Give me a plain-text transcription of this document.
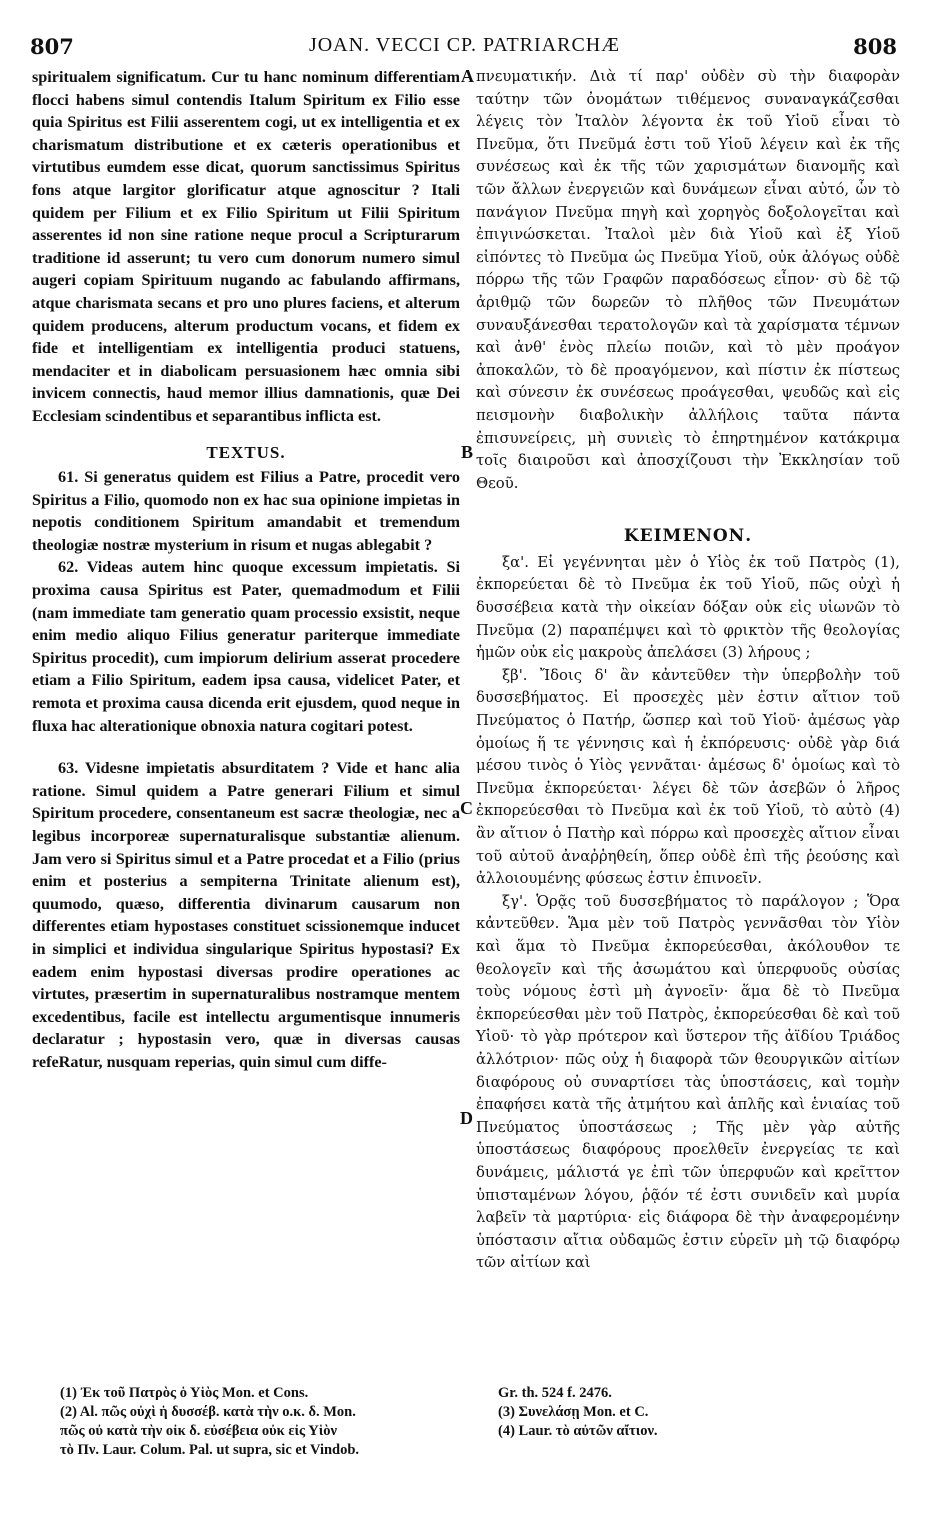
807	JOAN. VECCI CP. PATRIARCHÆ	808

spiritualem significatum. Cur tu hanc nominum differentiam flocci habens simul contendis Italum Spiritum ex Filio esse quia Spiritus est Filii asserentem cogi, ut ex intelligentia et ex charismatum distributione et ex cæteris operationibus et virtutibus eumdem esse dicat, quorum sanctissimus Spiritus fons atque largitor glorificatur atque agnoscitur ? Itali quidem per Filium et ex Filio Spiritum ut Filii Spiritum asserentes id non sine ratione neque procul a Scripturarum traditione id asserunt; tu vero cum donorum numero simul augeri copiam Spirituum nugando ac fabulando affirmans, atque charismata secans et pro uno plures faciens, et alterum quidem producens, alterum productum vocans, et fidem ex fide et intelligentiam ex intelligentia produci statuens, mendaciter et in diabolicam persuasionem hæc omnia sibi invicem connectis, haud memor illius damnationis, quæ Dei Ecclesiam scindentibus et separantibus inflicta est.

TEXTUS.

61. Si generatus quidem est Filius a Patre, procedit vero Spiritus a Filio, quomodo non ex hac sua opinione impietas in nepotis conditionem Spiritum amandabit et tremendum theologiæ nostræ mysterium in risum et nugas ablegabit ?

62. Videas autem hinc quoque excessum impietatis. Si proxima causa Spiritus est Pater, quemadmodum et Filii (nam immediate tam generatio quam processio exsistit, neque enim medio aliquo Filius generatur pariterque immediate Spiritus procedit), cum impiorum delirium asserat procedere etiam a Filio Spiritum, eadem ipsa causa, videlicet Pater, et remota et proxima causa dicenda erit ejusdem, quod neque in fluxa hac alterationique obnoxia natura cogitari potest.

63. Videsne impietatis absurditatem ? Vide et hanc alia ratione. Simul quidem a Patre generari Filium et simul Spiritum procedere, consentaneum est sacræ theologiæ, nec a legibus incorporeæ supernaturalisque substantiæ alienum. Jam vero si Spiritus simul et a Patre procedat et a Filio (prius enim et posterius a sempiterna Trinitate alienum est), quumodo, quæso, differentia divinarum causarum non differentes etiam hypostases constituet scissionemque inducet in simplici et individua singularique Spiritus hypostasi? Ex eadem enim hypostasi diversas prodire operationes ac virtutes, præsertim in supernaturalibus nostramque mentem excedentibus, facile est intellectu argumentisque innumeris declaratur ; hypostasin vero, quæ in diversas causas refeRatur, nusquam reperias, quin simul cum diffe-

A
B
C
D

πνευματικήν. Διὰ τί παρ' οὐδὲν σὺ τὴν διαφορὰν ταύτην τῶν ὀνομάτων τιθέμενος συναναγκάζεσθαι λέγεις τὸν Ἰταλὸν λέγοντα ἐκ τοῦ Υἱοῦ εἶναι τὸ Πνεῦμα, ὅτι Πνεῦμά ἐστι τοῦ Υἱοῦ λέγειν καὶ ἐκ τῆς συνέσεως καὶ ἐκ τῆς τῶν χαρισμάτων διανομῆς καὶ τῶν ἄλλων ἐνεργειῶν καὶ δυνάμεων εἶναι αὐτό, ὧν τὸ πανάγιον Πνεῦμα πηγὴ καὶ χορηγὸς δοξολογεῖται καὶ ἐπιγινώσκεται. Ἰταλοὶ μὲν διὰ Υἱοῦ καὶ ἐξ Υἱοῦ εἰπόντες τὸ Πνεῦμα ὡς Πνεῦμα Υἱοῦ, οὐκ ἀλόγως οὐδὲ πόρρω τῆς τῶν Γραφῶν παραδόσεως εἶπον· σὺ δὲ τῷ ἀριθμῷ τῶν δωρεῶν τὸ πλῆθος τῶν Πνευμάτων συναυξάνεσθαι τερατολογῶν καὶ τὰ χαρίσματα τέμνων καὶ ἀνθ' ἑνὸς πλείω ποιῶν, καὶ τὸ μὲν προάγον ἀποκαλῶν, τὸ δὲ προαγόμενον, καὶ πίστιν ἐκ πίστεως καὶ σύνεσιν ἐκ συνέσεως προάγεσθαι, ψευδῶς καὶ εἰς πεισμονὴν διαβολικὴν ἀλλήλοις ταῦτα πάντα ἐπισυνείρεις, μὴ συνιεὶς τὸ ἐπηρτημένον κατάκριμα τοῖς διαιροῦσι καὶ ἀποσχίζουσι τὴν Ἐκκλησίαν τοῦ Θεοῦ.

ΚΕΙΜΕΝΟΝ.

ξα'. Εἰ γεγέννηται μὲν ὁ Υἱὸς ἐκ τοῦ Πατρὸς (1), ἐκπορεύεται δὲ τὸ Πνεῦμα ἐκ τοῦ Υἱοῦ, πῶς οὐχὶ ἡ δυσσέβεια κατὰ τὴν οἰκείαν δόξαν οὐκ εἰς υἱωνῶν τὸ Πνεῦμα (2) παραπέμψει καὶ τὸ φρικτὸν τῆς θεολογίας ἡμῶν οὐκ εἰς μακροὺς ἀπελάσει (3) λήρους ;

ξβ'. Ἴδοις δ' ἂν κἀντεῦθεν τὴν ὑπερβολὴν τοῦ δυσσεβήματος. Εἰ προσεχὲς μὲν ἐστιν αἴτιον τοῦ Πνεύματος ὁ Πατήρ, ὥσπερ καὶ τοῦ Υἱοῦ· ἀμέσως γὰρ ὁμοίως ἥ τε γέννησις καὶ ἡ ἐκπόρευσις· οὐδὲ γὰρ διά μέσου τινὸς ὁ Υἱὸς γεννᾶται· ἀμέσως δ' ὁμοίως καὶ τὸ Πνεῦμα ἐκπορεύεται· λέγει δὲ τῶν ἀσεβῶν ὁ λῆρος ἐκπορεύεσθαι τὸ Πνεῦμα καὶ ἐκ τοῦ Υἱοῦ, τὸ αὐτὸ (4) ἂν αἴτιον ὁ Πατὴρ καὶ πόρρω καὶ προσεχὲς αἴτιον εἶναι τοῦ αὐτοῦ ἀναῤῥηθείη, ὅπερ οὐδὲ ἐπὶ τῆς ῥεούσης καὶ ἀλλοιουμένης φύσεως ἐστιν ἐπινοεῖν.

ξγ'. Ὁρᾷς τοῦ δυσσεβήματος τὸ παράλογον ; Ὅρα κἀντεῦθεν. Ἅμα μὲν τοῦ Πατρὸς γεννᾶσθαι τὸν Υἱὸν καὶ ἅμα τὸ Πνεῦμα ἐκπορεύεσθαι, ἀκόλουθον τε θεολογεῖν καὶ τῆς ἀσωμάτου καὶ ὑπερφυοῦς οὐσίας τοὺς νόμους ἐστὶ μὴ ἀγνοεῖν· ἅμα δὲ τὸ Πνεῦμα ἐκπορεύεσθαι μὲν τοῦ Πατρὸς, ἐκπορεύεσθαι δὲ καὶ τοῦ Υἱοῦ· τὸ γὰρ πρότερον καὶ ὕστερον τῆς ἀϊδίου Τριάδος ἀλλότριον· πῶς οὐχ ἡ διαφορὰ τῶν θεουργικῶν αἰτίων διαφόρους οὐ συναρτίσει τὰς ὑποστάσεις, καὶ τομὴν ἐπαφήσει κατὰ τῆς ἀτμήτου καὶ ἁπλῆς καὶ ἑνιαίας τοῦ Πνεύματος ὑποστάσεως ; Τῆς μὲν γὰρ αὐτῆς ὑποστάσεως διαφόρους προελθεῖν ἐνεργείας τε καὶ δυνάμεις, μάλιστά γε ἐπὶ τῶν ὑπερφυῶν καὶ κρεῖττον ὑπισταμένων λόγου, ῥᾷόν τέ ἐστι συνιδεῖν καὶ μυρία λαβεῖν τὰ μαρτύρια· εἰς διάφορα δὲ τὴν ἀναφερομένην ὑπόστασιν αἴτια οὐδαμῶς ἐστιν εὑρεῖν μὴ τῷ διαφόρῳ τῶν αἰτίων καὶ

(1) Ἐκ τοῦ Πατρὸς ὁ Υἱὸς Mon. et Cons.
(2) Al. πῶς οὐχὶ ἡ δυσσέβ. κατὰ τὴν ο.κ. δ. Mon.
πῶς οὐ κατὰ τὴν οἰκ δ. εὐσέβεια οὐκ εἰς Υἱὸν
τὸ Πν. Laur. Colum. Pal. ut supra, sic et Vindob.
Gr. th. 524 f. 2476.
(3) Συνελάσῃ Mon. et C.
(4) Laur. τὸ αὐτῶν αἴτιον.
